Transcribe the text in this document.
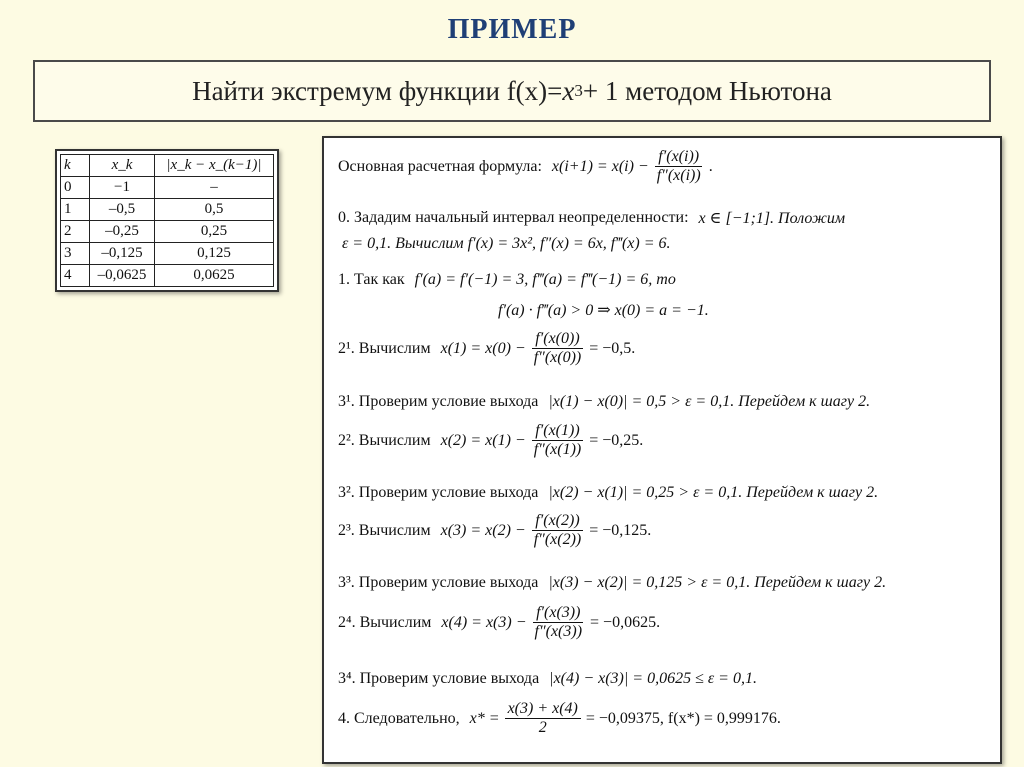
ПРИМЕР
Найти экстремум функции f(x)= x 3 + 1 методом Ньютона
k	x_k	|x_k − x_(k−1)|
0	−1	–
1	–0,5	0,5
2	–0,25	0,25
3	–0,125	0,125
4	–0,0625	0,0625
Основная расчетная формула: $x(i+1) = x(i) - \frac{f'(x(i))}{f''(x(i))}$ .
0. Зададим начальный интервал неопределенности: x ∈ [−1;1]. Положим
ε = 0,1. Вычислим f′(x) = 3x², f″(x) = 6x, f‴(x) = 6.
1. Так как f′(a) = f′(−1) = 3, f‴(a) = f‴(−1) = 6, то
f′(a) · f‴(a) > 0 ⇒ x(0) = a = −1.
2¹. Вычислим $x(1) = x(0) - \frac{f'(x(0))}{f''(x(0))} = -0,5$.
3¹. Проверим условие выхода |x(1) − x(0)| = 0,5 > ε = 0,1. Перейдем к шагу 2.
2². Вычислим $x(2) = x(1) - \frac{f'(x(1))}{f''(x(1))} = -0,25$.
3². Проверим условие выхода |x(2) − x(1)| = 0,25 > ε = 0,1. Перейдем к шагу 2.
2³. Вычислим $x(3) = x(2) - \frac{f'(x(2))}{f''(x(2))} = -0,125$.
3³. Проверим условие выхода |x(3) − x(2)| = 0,125 > ε = 0,1. Перейдем к шагу 2.
2⁴. Вычислим $x(4) = x(3) - \frac{f'(x(3))}{f''(x(3))} = -0,0625$.
3⁴. Проверим условие выхода |x(4) − x(3)| = 0,0625 ≤ ε = 0,1.
4. Следовательно, $x* = \frac{x(3) + x(4)}{2} = -0,09375$, f(x*) = 0,999176.
